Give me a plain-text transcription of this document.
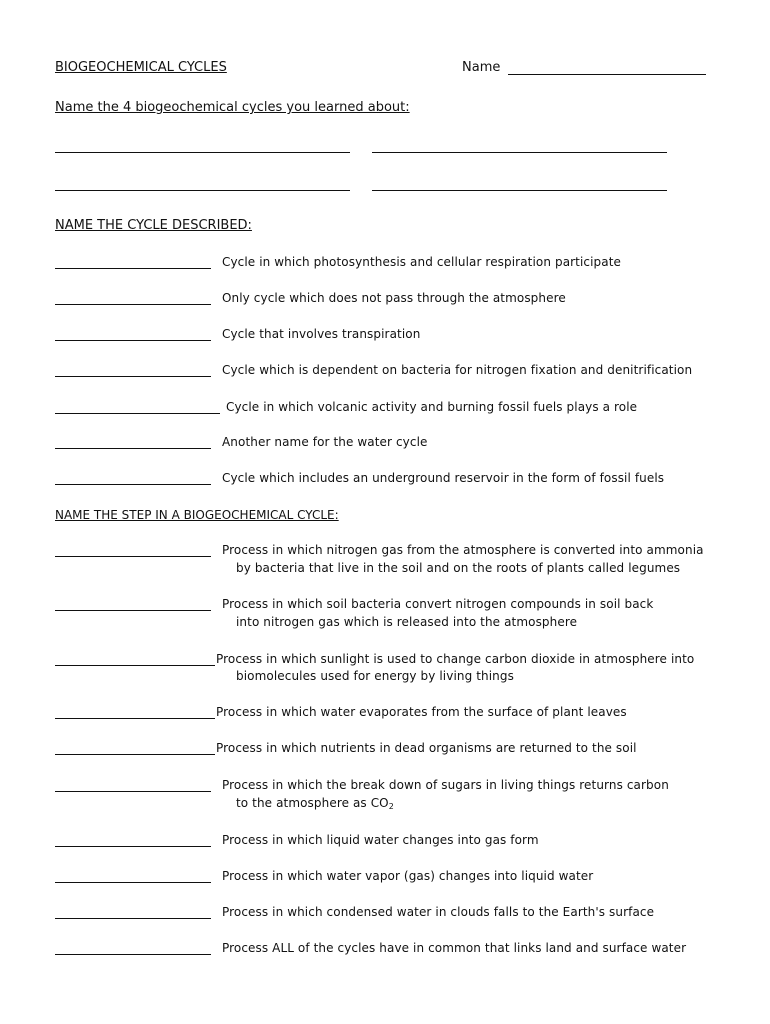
BIOGEOCHEMICAL CYCLES	Name
Name the 4 biogeochemical cycles you learned about:
NAME THE CYCLE DESCRIBED:
Cycle in which photosynthesis and cellular respiration participate
Only cycle which does not pass through the atmosphere
Cycle that involves transpiration
Cycle which is dependent on bacteria for nitrogen fixation and denitrification
Cycle in which volcanic activity and burning fossil fuels plays a role
Another name for the water cycle
Cycle which includes an underground reservoir in the form of fossil fuels
NAME THE STEP IN A BIOGEOCHEMICAL CYCLE:
Process in which nitrogen gas from the atmosphere is converted into ammonia
by bacteria that live in the soil and on the roots of plants called legumes
Process in which soil bacteria convert nitrogen compounds in soil back
into nitrogen gas which is released into the atmosphere
Process in which sunlight is used to change carbon dioxide in atmosphere into
biomolecules used for energy by living things
Process in which water evaporates from the surface of plant leaves
Process in which nutrients in dead organisms are returned to the soil
Process in which the break down of sugars in living things returns carbon
to the atmosphere as $CO_2$
Process in which liquid water changes into gas form
Process in which water vapor (gas) changes into liquid water
Process in which condensed water in clouds falls to the Earth's surface
Process ALL of the cycles have in common that links land and surface water
